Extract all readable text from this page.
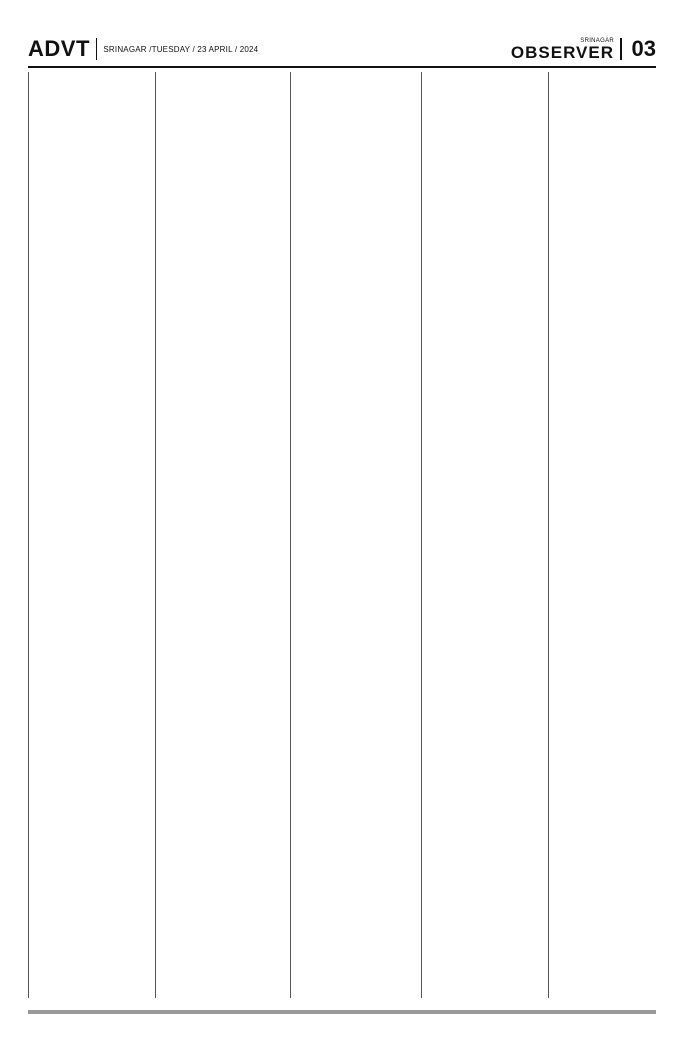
ADVT SRINAGAR /TUESDAY / 23 APRIL / 2024
SRINAGAR
OBSERVER 03
